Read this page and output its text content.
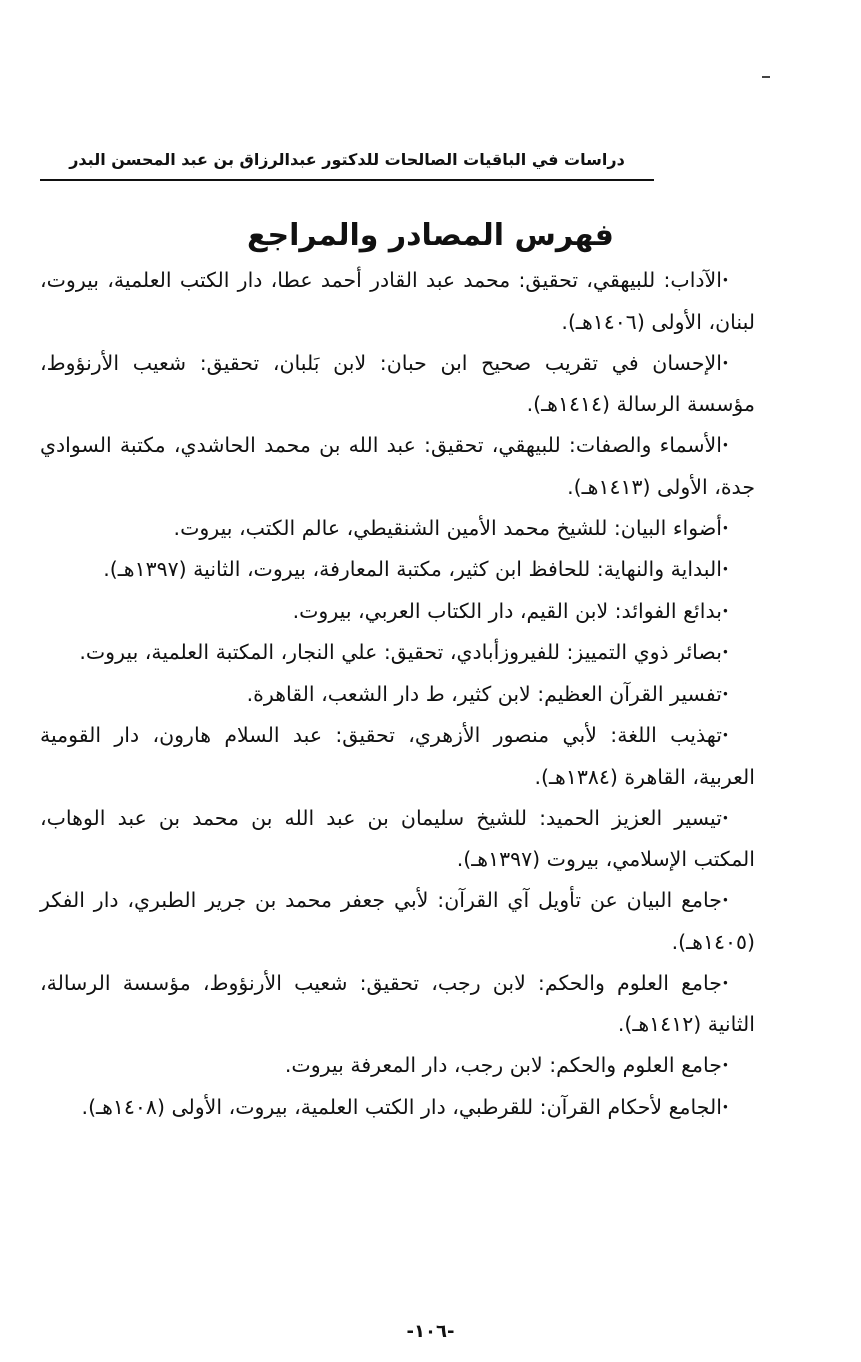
دراسات في الباقيات الصالحات للدكتور عبدالرزاق بن عبد المحسن البدر
فهرس المصادر والمراجع
•الآداب: للبيهقي، تحقيق: محمد عبد القادر أحمد عطا، دار الكتب العلمية، بيروت، لبنان، الأولى (١٤٠٦هـ).
•الإحسان في تقريب صحيح ابن حبان: لابن بَلبان، تحقيق: شعيب الأرنؤوط، مؤسسة الرسالة (١٤١٤هـ).
•الأسماء والصفات: للبيهقي، تحقيق: عبد الله بن محمد الحاشدي، مكتبة السوادي جدة، الأولى (١٤١٣هـ).
•أضواء البيان: للشيخ محمد الأمين الشنقيطي، عالم الكتب، بيروت.
•البداية والنهاية: للحافظ ابن كثير، مكتبة المعارفة، بيروت، الثانية (١٣٩٧هـ).
•بدائع الفوائد: لابن القيم، دار الكتاب العربي، بيروت.
•بصائر ذوي التمييز: للفيروزأبادي، تحقيق: علي النجار، المكتبة العلمية، بيروت.
•تفسير القرآن العظيم: لابن كثير، ط دار الشعب، القاهرة.
•تهذيب اللغة: لأبي منصور الأزهري، تحقيق: عبد السلام هارون، دار القومية العربية، القاهرة (١٣٨٤هـ).
•تيسير العزيز الحميد: للشيخ سليمان بن عبد الله بن محمد بن عبد الوهاب، المكتب الإسلامي، بيروت (١٣٩٧هـ).
•جامع البيان عن تأويل آي القرآن: لأبي جعفر محمد بن جرير الطبري، دار الفكر (١٤٠٥هـ).
•جامع العلوم والحكم: لابن رجب، تحقيق: شعيب الأرنؤوط، مؤسسة الرسالة، الثانية (١٤١٢هـ).
•جامع العلوم والحكم: لابن رجب، دار المعرفة بيروت.
•الجامع لأحكام القرآن: للقرطبي، دار الكتب العلمية، بيروت، الأولى (١٤٠٨هـ).
-١٠٦-
